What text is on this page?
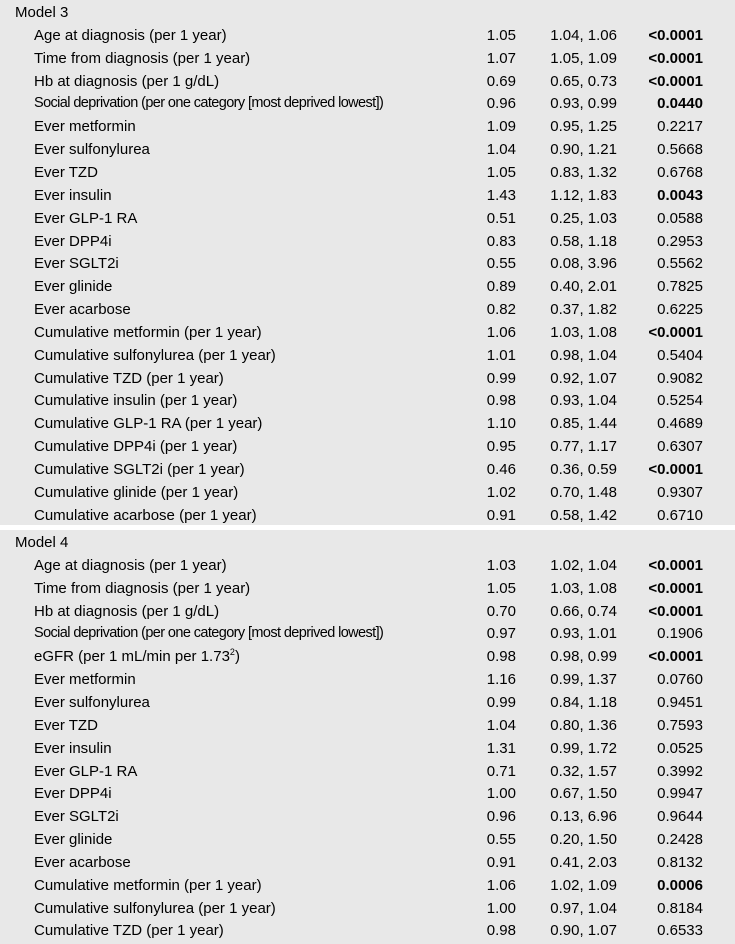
Model 3
Age at diagnosis (per 1 year)	1.05	1.04, 1.06	<0.0001
Time from diagnosis (per 1 year)	1.07	1.05, 1.09	<0.0001
Hb at diagnosis (per 1 g/dL)	0.69	0.65, 0.73	<0.0001
Social deprivation (per one category [most deprived lowest])	0.96	0.93, 0.99	0.0440
Ever metformin	1.09	0.95, 1.25	0.2217
Ever sulfonylurea	1.04	0.90, 1.21	0.5668
Ever TZD	1.05	0.83, 1.32	0.6768
Ever insulin	1.43	1.12, 1.83	0.0043
Ever GLP-1 RA	0.51	0.25, 1.03	0.0588
Ever DPP4i	0.83	0.58, 1.18	0.2953
Ever SGLT2i	0.55	0.08, 3.96	0.5562
Ever glinide	0.89	0.40, 2.01	0.7825
Ever acarbose	0.82	0.37, 1.82	0.6225
Cumulative metformin (per 1 year)	1.06	1.03, 1.08	<0.0001
Cumulative sulfonylurea (per 1 year)	1.01	0.98, 1.04	0.5404
Cumulative TZD (per 1 year)	0.99	0.92, 1.07	0.9082
Cumulative insulin (per 1 year)	0.98	0.93, 1.04	0.5254
Cumulative GLP-1 RA (per 1 year)	1.10	0.85, 1.44	0.4689
Cumulative DPP4i (per 1 year)	0.95	0.77, 1.17	0.6307
Cumulative SGLT2i (per 1 year)	0.46	0.36, 0.59	<0.0001
Cumulative glinide (per 1 year)	1.02	0.70, 1.48	0.9307
Cumulative acarbose (per 1 year)	0.91	0.58, 1.42	0.6710
Model 4
Age at diagnosis (per 1 year)	1.03	1.02, 1.04	<0.0001
Time from diagnosis (per 1 year)	1.05	1.03, 1.08	<0.0001
Hb at diagnosis (per 1 g/dL)	0.70	0.66, 0.74	<0.0001
Social deprivation (per one category [most deprived lowest])	0.97	0.93, 1.01	0.1906
eGFR (per 1 mL/min per 1.73$^2$)	0.98	0.98, 0.99	<0.0001
Ever metformin	1.16	0.99, 1.37	0.0760
Ever sulfonylurea	0.99	0.84, 1.18	0.9451
Ever TZD	1.04	0.80, 1.36	0.7593
Ever insulin	1.31	0.99, 1.72	0.0525
Ever GLP-1 RA	0.71	0.32, 1.57	0.3992
Ever DPP4i	1.00	0.67, 1.50	0.9947
Ever SGLT2i	0.96	0.13, 6.96	0.9644
Ever glinide	0.55	0.20, 1.50	0.2428
Ever acarbose	0.91	0.41, 2.03	0.8132
Cumulative metformin (per 1 year)	1.06	1.02, 1.09	0.0006
Cumulative sulfonylurea (per 1 year)	1.00	0.97, 1.04	0.8184
Cumulative TZD (per 1 year)	0.98	0.90, 1.07	0.6533
